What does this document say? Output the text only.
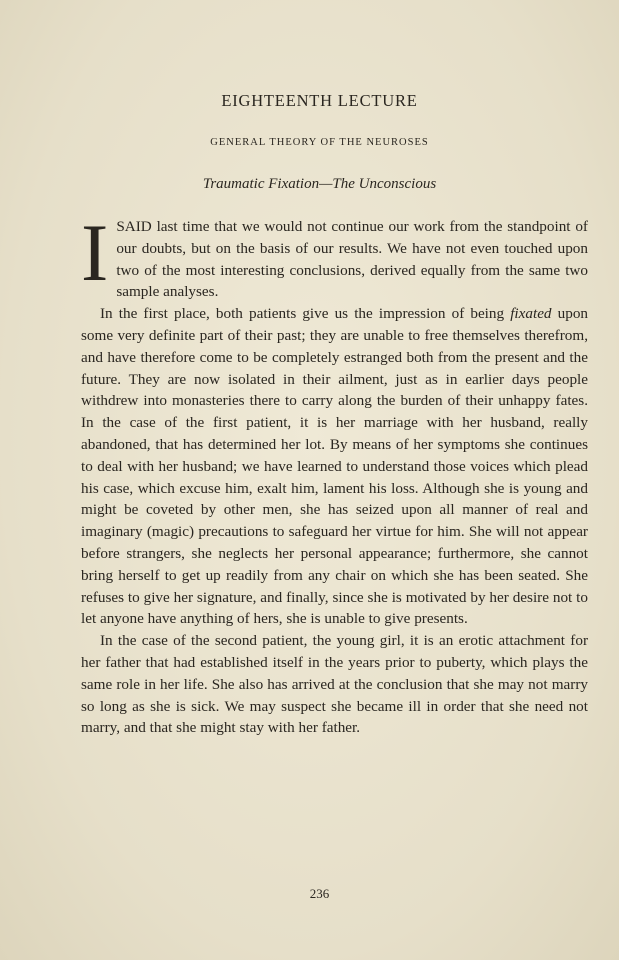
EIGHTEENTH LECTURE
GENERAL THEORY OF THE NEUROSES
Traumatic Fixation—The Unconscious

I SAID last time that we would not continue our work from the standpoint of our doubts, but on the basis of our results. We have not even touched upon two of the most interesting conclusions, derived equally from the same two sample analyses.

In the first place, both patients give us the impression of being fixated upon some very definite part of their past; they are unable to free themselves therefrom, and have therefore come to be completely estranged both from the present and the future. They are now isolated in their ailment, just as in earlier days people withdrew into monasteries there to carry along the burden of their unhappy fates. In the case of the first patient, it is her marriage with her husband, really abandoned, that has determined her lot. By means of her symptoms she continues to deal with her husband; we have learned to understand those voices which plead his case, which excuse him, exalt him, lament his loss. Although she is young and might be coveted by other men, she has seized upon all manner of real and imaginary (magic) precautions to safeguard her virtue for him. She will not appear before strangers, she neglects her personal appearance; furthermore, she cannot bring herself to get up readily from any chair on which she has been seated. She refuses to give her signature, and finally, since she is motivated by her desire not to let anyone have anything of hers, she is unable to give presents.

In the case of the second patient, the young girl, it is an erotic attachment for her father that had established itself in the years prior to puberty, which plays the same role in her life. She also has arrived at the conclusion that she may not marry so long as she is sick. We may suspect she became ill in order that she need not marry, and that she might stay with her father.

236
